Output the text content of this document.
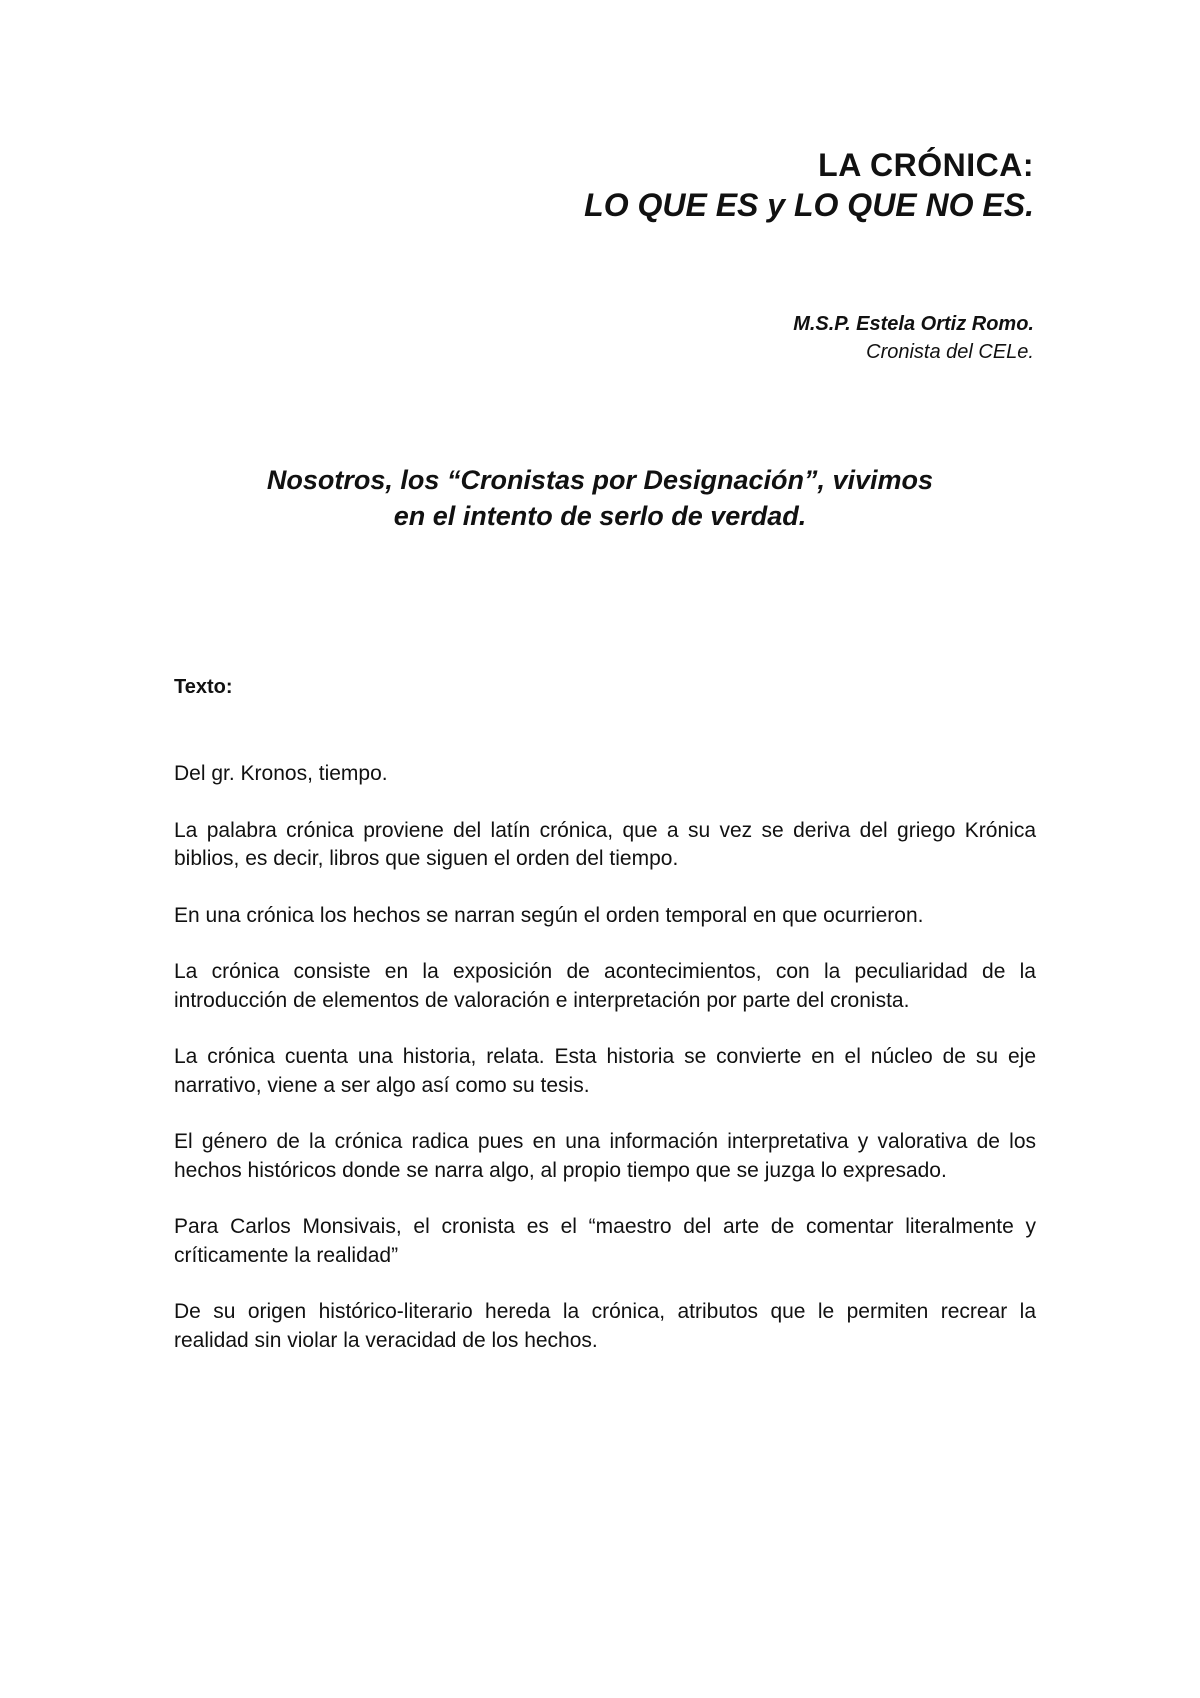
LA CRÓNICA:
LO QUE ES y LO QUE NO ES.
M.S.P. Estela Ortiz Romo.
Cronista del CELe.
Nosotros, los “Cronistas por Designación”, vivimos
en el intento de serlo de verdad.
Texto:

Del gr. Kronos, tiempo.

La palabra crónica proviene del latín crónica, que a su vez se deriva del griego Krónica biblios, es decir, libros que siguen el orden del tiempo.

En una crónica los hechos se narran según el orden temporal en que ocurrieron.

La crónica consiste en la exposición de acontecimientos, con la peculiaridad de la introducción de elementos de valoración e interpretación por parte del cronista.

La crónica cuenta una historia, relata. Esta historia se convierte en el núcleo de su eje narrativo, viene a ser algo así como su tesis.

El género de la crónica radica pues en una información interpretativa y valorativa de los hechos históricos donde se narra algo, al propio tiempo que se juzga lo expresado.

Para Carlos Monsivais, el cronista es el “maestro del arte de comentar literalmente y críticamente la realidad”

De su origen histórico-literario hereda la crónica, atributos que le permiten recrear la realidad sin violar la veracidad de los hechos.
